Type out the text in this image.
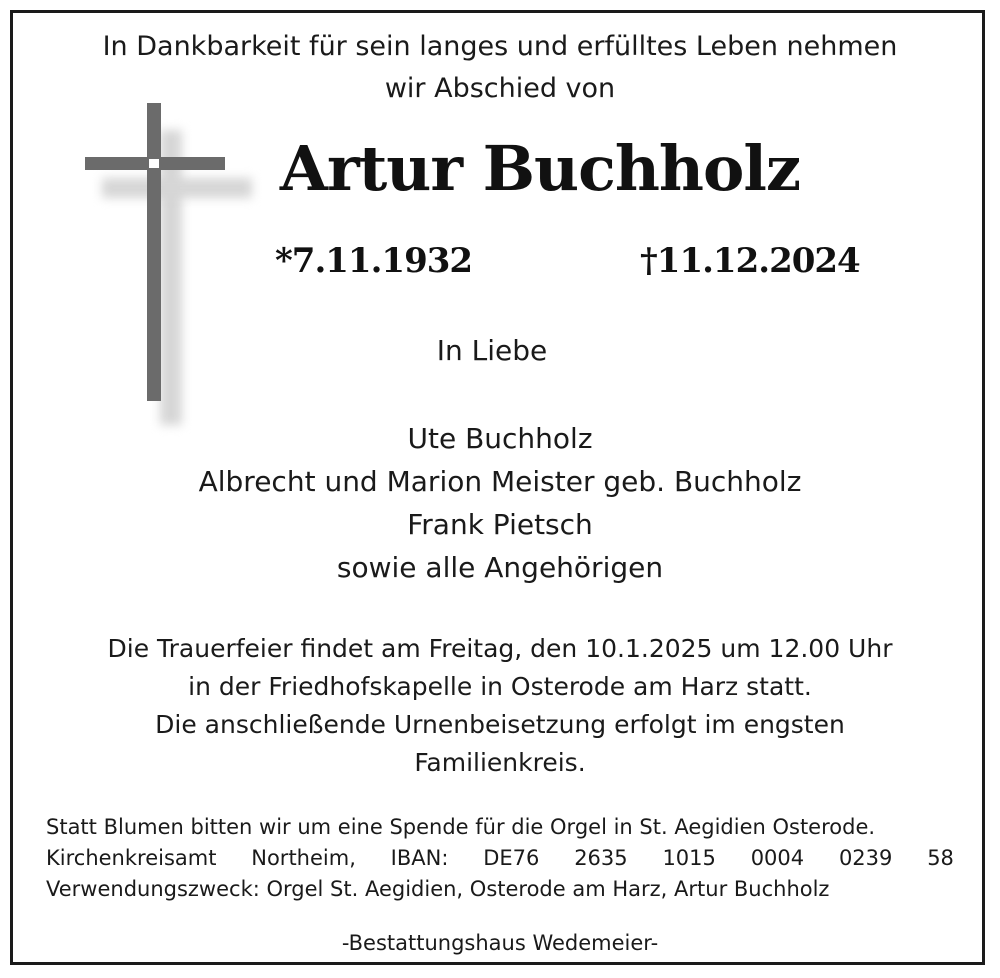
In Dankbarkeit für sein langes und erfülltes Leben nehmen
wir Abschied von
Artur Buchholz
*7.11.1932	†11.12.2024
In Liebe
Ute Buchholz
Albrecht und Marion Meister geb. Buchholz
Frank Pietsch
sowie alle Angehörigen
Die Trauerfeier findet am Freitag, den 10.1.2025 um 12.00 Uhr
in der Friedhofskapelle in Osterode am Harz statt.
Die anschließende Urnenbeisetzung erfolgt im engsten
Familienkreis.
Statt Blumen bitten wir um eine Spende für die Orgel in St. Aegidien Osterode.
Kirchenkreisamt Northeim, IBAN: DE76 2635 1015 0004 0239 58
Verwendungszweck: Orgel St. Aegidien, Osterode am Harz, Artur Buchholz
-Bestattungshaus Wedemeier-
